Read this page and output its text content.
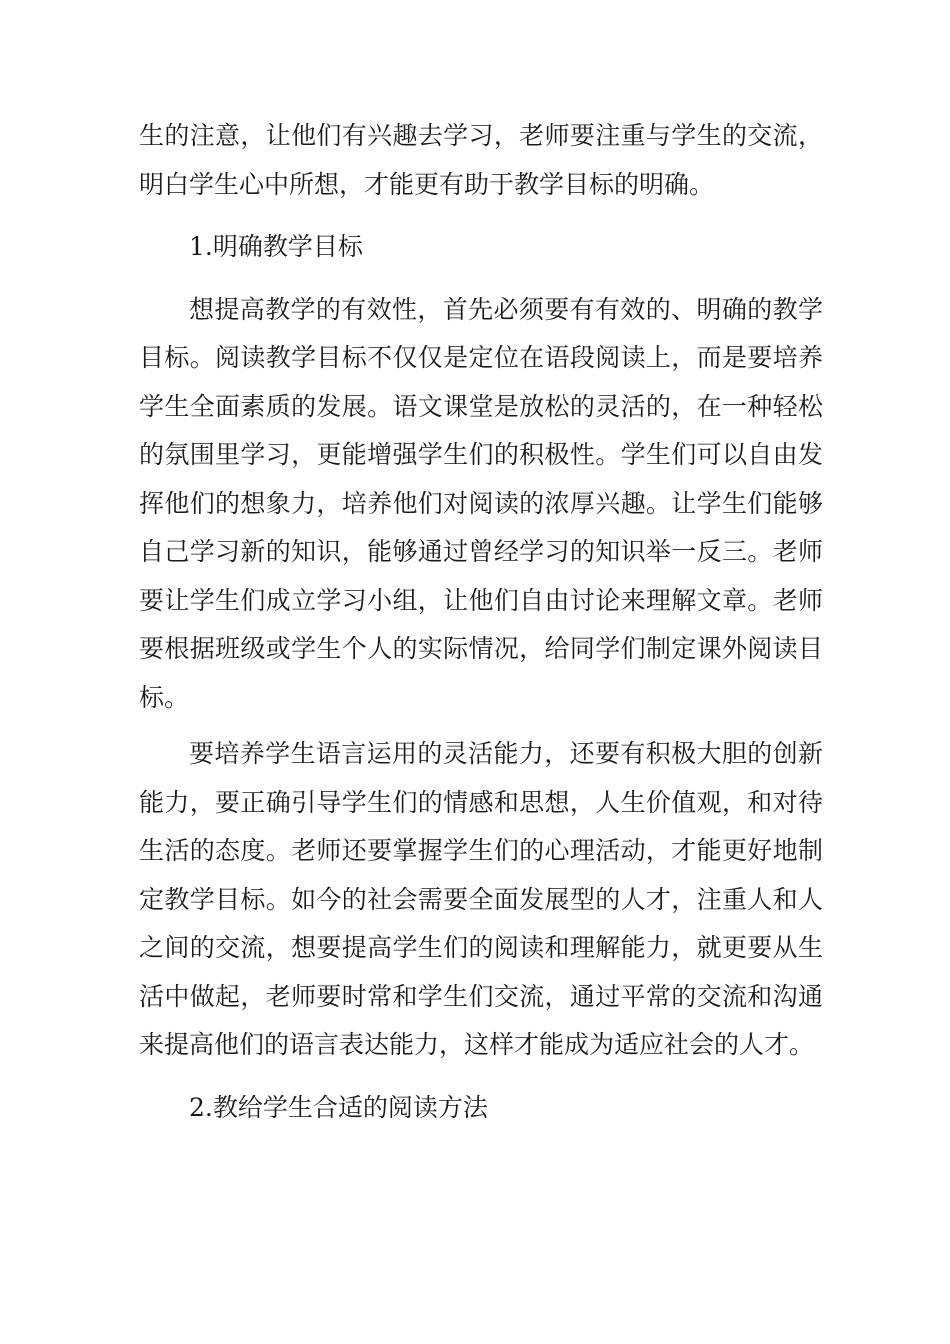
生的注意，让他们有兴趣去学习，老师要注重与学生的交流，明白学生心中所想，才能更有助于教学目标的明确。

1.明确教学目标

想提高教学的有效性，首先必须要有有效的、明确的教学目标。阅读教学目标不仅仅是定位在语段阅读上，而是要培养学生全面素质的发展。语文课堂是放松的灵活的，在一种轻松的氛围里学习，更能增强学生们的积极性。学生们可以自由发挥他们的想象力，培养他们对阅读的浓厚兴趣。让学生们能够自己学习新的知识，能够通过曾经学习的知识举一反三。老师要让学生们成立学习小组，让他们自由讨论来理解文章。老师要根据班级或学生个人的实际情况，给同学们制定课外阅读目标。

要培养学生语言运用的灵活能力，还要有积极大胆的创新能力，要正确引导学生们的情感和思想，人生价值观，和对待生活的态度。老师还要掌握学生们的心理活动，才能更好地制定教学目标。如今的社会需要全面发展型的人才，注重人和人之间的交流，想要提高学生们的阅读和理解能力，就更要从生活中做起，老师要时常和学生们交流，通过平常的交流和沟通来提高他们的语言表达能力，这样才能成为适应社会的人才。

2.教给学生合适的阅读方法
